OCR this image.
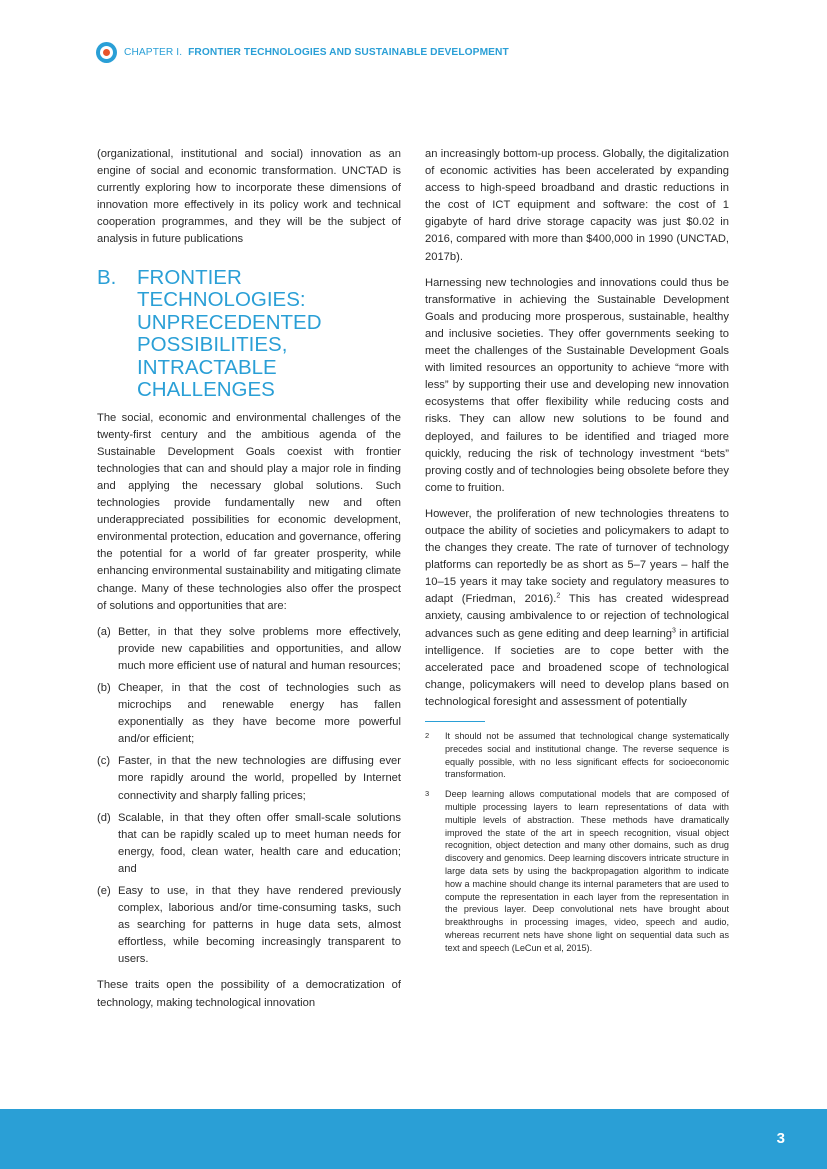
CHAPTER I. FRONTIER TECHNOLOGIES AND SUSTAINABLE DEVELOPMENT

(organizational, institutional and social) innovation as an engine of social and economic transformation. UNCTAD is currently exploring how to incorporate these dimensions of innovation more effectively in its policy work and technical cooperation programmes, and they will be the subject of analysis in future publications

B.	FRONTIER TECHNOLOGIES:
UNPRECEDENTED
POSSIBILITIES,
INTRACTABLE
CHALLENGES

The social, economic and environmental challenges of the twenty-first century and the ambitious agenda of the Sustainable Development Goals coexist with frontier technologies that can and should play a major role in finding and applying the necessary global solutions. Such technologies provide fundamentally new and often underappreciated possibilities for economic development, environmental protection, education and governance, offering the potential for a world of far greater prosperity, while enhancing environmental sustainability and mitigating climate change. Many of these technologies also offer the prospect of solutions and opportunities that are:

(a) Better, in that they solve problems more effectively, provide new capabilities and opportunities, and allow much more efficient use of natural and human resources;
(b) Cheaper, in that the cost of technologies such as microchips and renewable energy has fallen exponentially as they have become more powerful and/or efficient;
(c) Faster, in that the new technologies are diffusing ever more rapidly around the world, propelled by Internet connectivity and sharply falling prices;
(d) Scalable, in that they often offer small-scale solutions that can be rapidly scaled up to meet human needs for energy, food, clean water, health care and education; and
(e) Easy to use, in that they have rendered previously complex, laborious and/or time-consuming tasks, such as searching for patterns in huge data sets, almost effortless, while becoming increasingly transparent to users.

These traits open the possibility of a democratization of technology, making technological innovation

an increasingly bottom-up process. Globally, the digitalization of economic activities has been accelerated by expanding access to high-speed broadband and drastic reductions in the cost of ICT equipment and software: the cost of 1 gigabyte of hard drive storage capacity was just $0.02 in 2016, compared with more than $400,000 in 1990 (UNCTAD, 2017b).

Harnessing new technologies and innovations could thus be transformative in achieving the Sustainable Development Goals and producing more prosperous, sustainable, healthy and inclusive societies. They offer governments seeking to meet the challenges of the Sustainable Development Goals with limited resources an opportunity to achieve “more with less” by supporting their use and developing new innovation ecosystems that offer flexibility while reducing costs and risks. They can allow new solutions to be found and deployed, and failures to be identified and triaged more quickly, reducing the risk of technology investment “bets” proving costly and of technologies being obsolete before they come to fruition.

However, the proliferation of new technologies threatens to outpace the ability of societies and policymakers to adapt to the changes they create. The rate of turnover of technology platforms can reportedly be as short as 5–7 years – half the 10–15 years it may take society and regulatory measures to adapt (Friedman, 2016).$^2$ This has created widespread anxiety, causing ambivalence to or rejection of technological advances such as gene editing and deep learning$^3$ in artificial intelligence. If societies are to cope better with the accelerated pace and broadened scope of technological change, policymakers will need to develop plans based on technological foresight and assessment of potentially

2	It should not be assumed that technological change systematically precedes social and institutional change. The reverse sequence is equally possible, with no less significant effects for socioeconomic transformation.
3	Deep learning allows computational models that are composed of multiple processing layers to learn representations of data with multiple levels of abstraction. These methods have dramatically improved the state of the art in speech recognition, visual object recognition, object detection and many other domains, such as drug discovery and genomics. Deep learning discovers intricate structure in large data sets by using the backpropagation algorithm to indicate how a machine should change its internal parameters that are used to compute the representation in each layer from the representation in the previous layer. Deep convolutional nets have brought about breakthroughs in processing images, video, speech and audio, whereas recurrent nets have shone light on sequential data such as text and speech (LeCun et al, 2015).
3
